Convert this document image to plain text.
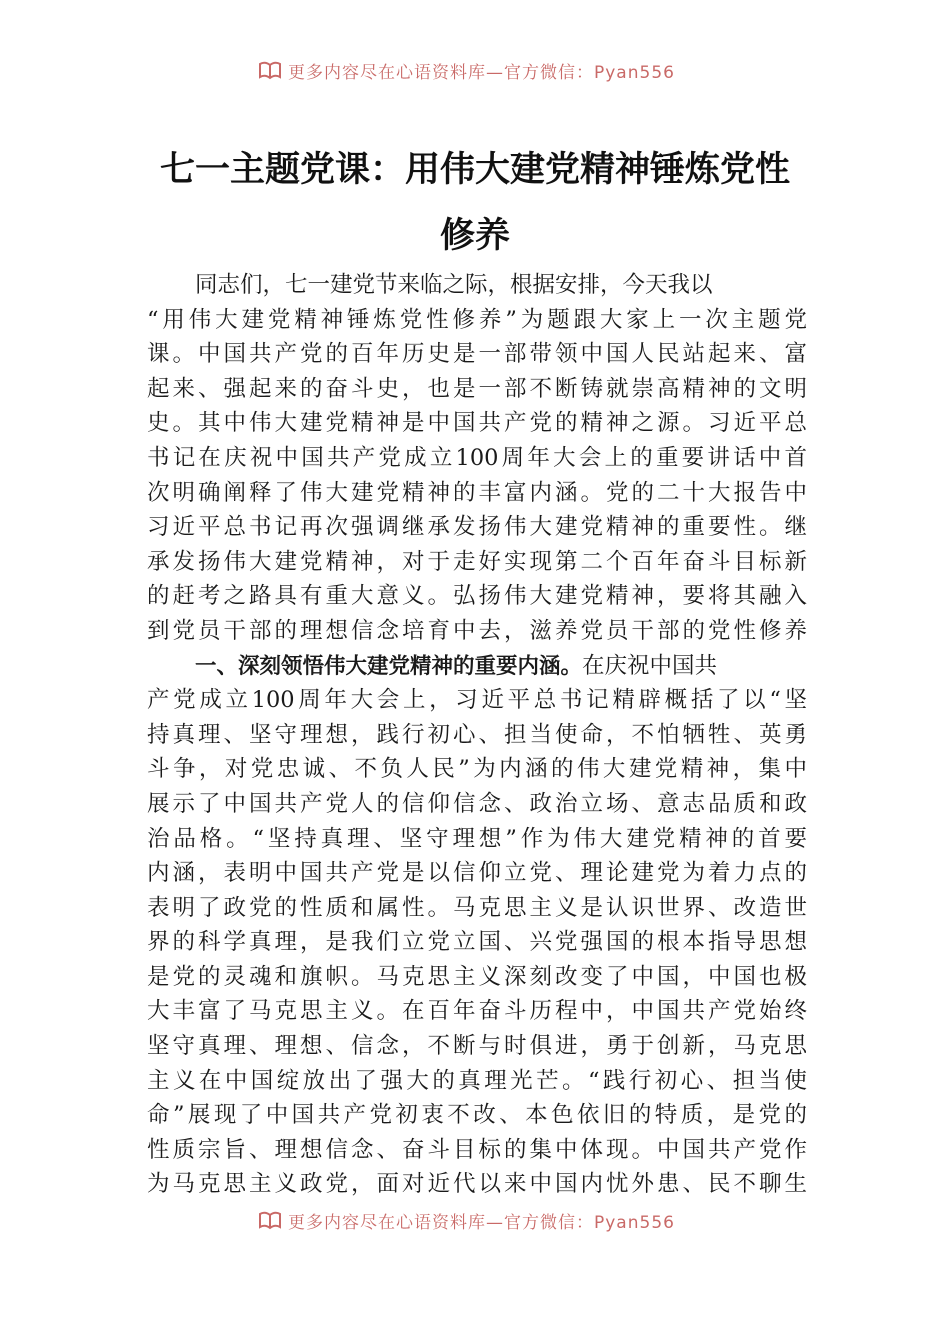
更多内容尽在心语资料库—官方微信：Pyan556
七一主题党课：用伟大建党精神锤炼党性
修养
同志们，七一建党节来临之际，根据安排，今天我以
“用伟大建党精神锤炼党性修养”为题跟大家上一次主题党
课。中国共产党的百年历史是一部带领中国人民站起来、富
起来、强起来的奋斗史，也是一部不断铸就崇高精神的文明
史。其中伟大建党精神是中国共产党的精神之源。习近平总
书记在庆祝中国共产党成立100周年大会上的重要讲话中首
次明确阐释了伟大建党精神的丰富内涵。党的二十大报告中
习近平总书记再次强调继承发扬伟大建党精神的重要性。继
承发扬伟大建党精神，对于走好实现第二个百年奋斗目标新
的赶考之路具有重大意义。弘扬伟大建党精神，要将其融入
到党员干部的理想信念培育中去，滋养党员干部的党性修养
一、深刻领悟伟大建党精神的重要内涵。在庆祝中国共
产党成立100周年大会上，习近平总书记精辟概括了以“坚
持真理、坚守理想，践行初心、担当使命，不怕牺牲、英勇
斗争，对党忠诚、不负人民”为内涵的伟大建党精神，集中
展示了中国共产党人的信仰信念、政治立场、意志品质和政
治品格。“坚持真理、坚守理想”作为伟大建党精神的首要
内涵，表明中国共产党是以信仰立党、理论建党为着力点的
表明了政党的性质和属性。马克思主义是认识世界、改造世
界的科学真理，是我们立党立国、兴党强国的根本指导思想
是党的灵魂和旗帜。马克思主义深刻改变了中国，中国也极
大丰富了马克思主义。在百年奋斗历程中，中国共产党始终
坚守真理、理想、信念，不断与时俱进，勇于创新，马克思
主义在中国绽放出了强大的真理光芒。“践行初心、担当使
命”展现了中国共产党初衷不改、本色依旧的特质，是党的
性质宗旨、理想信念、奋斗目标的集中体现。中国共产党作
为马克思主义政党，面对近代以来中国内忧外患、民不聊生
更多内容尽在心语资料库—官方微信：Pyan556
